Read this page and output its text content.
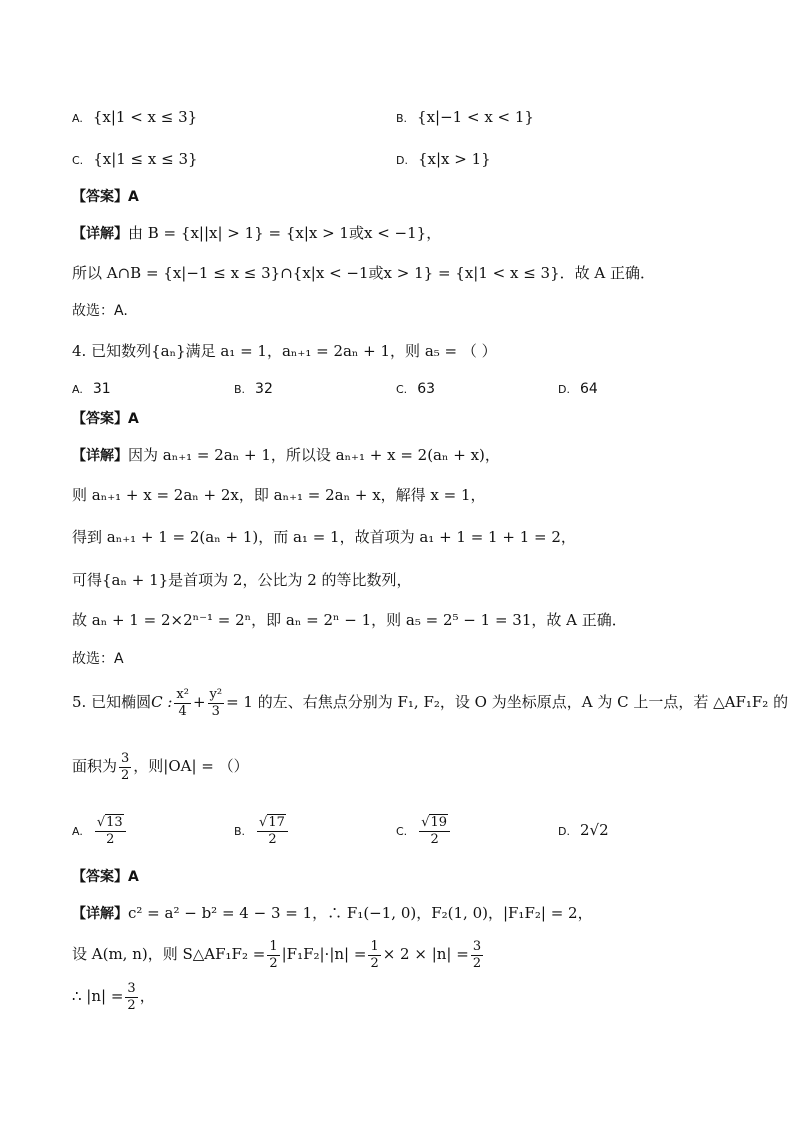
A. {x|1 < x ≤ 3}	B. {x|−1 < x < 1}
C. {x|1 ≤ x ≤ 3}	D. {x|x > 1}
【答案】A
【详解】由 B = {x||x| > 1} = {x|x > 1或x < −1}，
所以 A∩B = {x|−1 ≤ x ≤ 3}∩{x|x < −1或x > 1} = {x|1 < x ≤ 3}．故 A 正确．
故选：A.
4. 已知数列{aₙ}满足 a₁ = 1，aₙ₊₁ = 2aₙ + 1，则 a₅ = （ ）
A. 31	B. 32	C. 63	D. 64
【答案】A
【详解】因为 aₙ₊₁ = 2aₙ + 1，所以设 aₙ₊₁ + x = 2(aₙ + x)，
则 aₙ₊₁ + x = 2aₙ + 2x，即 aₙ₊₁ = 2aₙ + x，解得 x = 1，
得到 aₙ₊₁ + 1 = 2(aₙ + 1)，而 a₁ = 1，故首项为 a₁ + 1 = 1 + 1 = 2，
可得{aₙ + 1}是首项为 2，公比为 2 的等比数列，
故 aₙ + 1 = 2×2ⁿ⁻¹ = 2ⁿ，即 aₙ = 2ⁿ − 1，则 a₅ = 2⁵ − 1 = 31，故 A 正确．
故选：A
5. 已知椭圆C : $\frac{\text{x²}}{4} + \frac{\text{y²}}{3} = 1$ 的左、右焦点分别为 F₁, F₂，设 O 为坐标原点，A 为 C 上一点，若 △AF₁F₂ 的
面积为 $\frac{3}{2}$ ，则|OA| = （）
A. $\frac{√13}{2}$	B. $\frac{√17}{2}$	C. $\frac{√19}{2}$	D. 2√2
【答案】A
【详解】c² = a² − b² = 4 − 3 = 1，∴ F₁(−1, 0)，F₂(1, 0)，|F₁F₂| = 2，
设 A(m, n)，则 S△AF₁F₂ = $\frac{1}{2} |F_1F_2|\cdot|n| = \frac{1}{2} \times 2 \times |n| = \frac{3}{2}$
∴ $|n| = \frac{3}{2}$ ，
